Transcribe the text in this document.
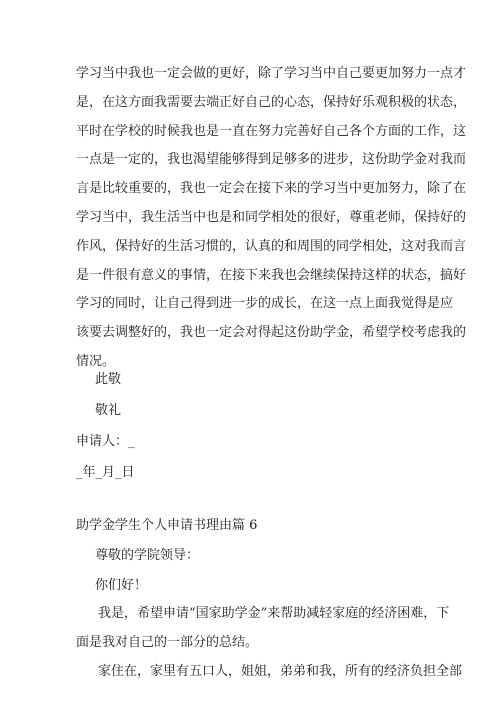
学习当中我也一定会做的更好，除了学习当中自己要更加努力一点才
是，在这方面我需要去端正好自己的心态，保持好乐观积极的状态，
平时在学校的时候我也是一直在努力完善好自己各个方面的工作，这
一点是一定的，我也渴望能够得到足够多的进步，这份助学金对我而
言是比较重要的，我也一定会在接下来的学习当中更加努力，除了在
学习当中，我生活当中也是和同学相处的很好，尊重老师，保持好的
作风，保持好的生活习惯的，认真的和周围的同学相处，这对我而言
是一件很有意义的事情，在接下来我也会继续保持这样的状态，搞好
学习的同时，让自己得到进一步的成长，在这一点上面我觉得是应
该要去调整好的，我也一定会对得起这份助学金，希望学校考虑我的
情况。

此敬

敬礼

申请人：_

_年_月_日

助学金学生个人申请书理由篇 6

尊敬的学院领导：

你们好！

我是，希望申请“国家助学金”来帮助减轻家庭的经济困难，下
面是我对自己的一部分的总结。
家住在，家里有五口人，姐姐，弟弟和我，所有的经济负担全部
